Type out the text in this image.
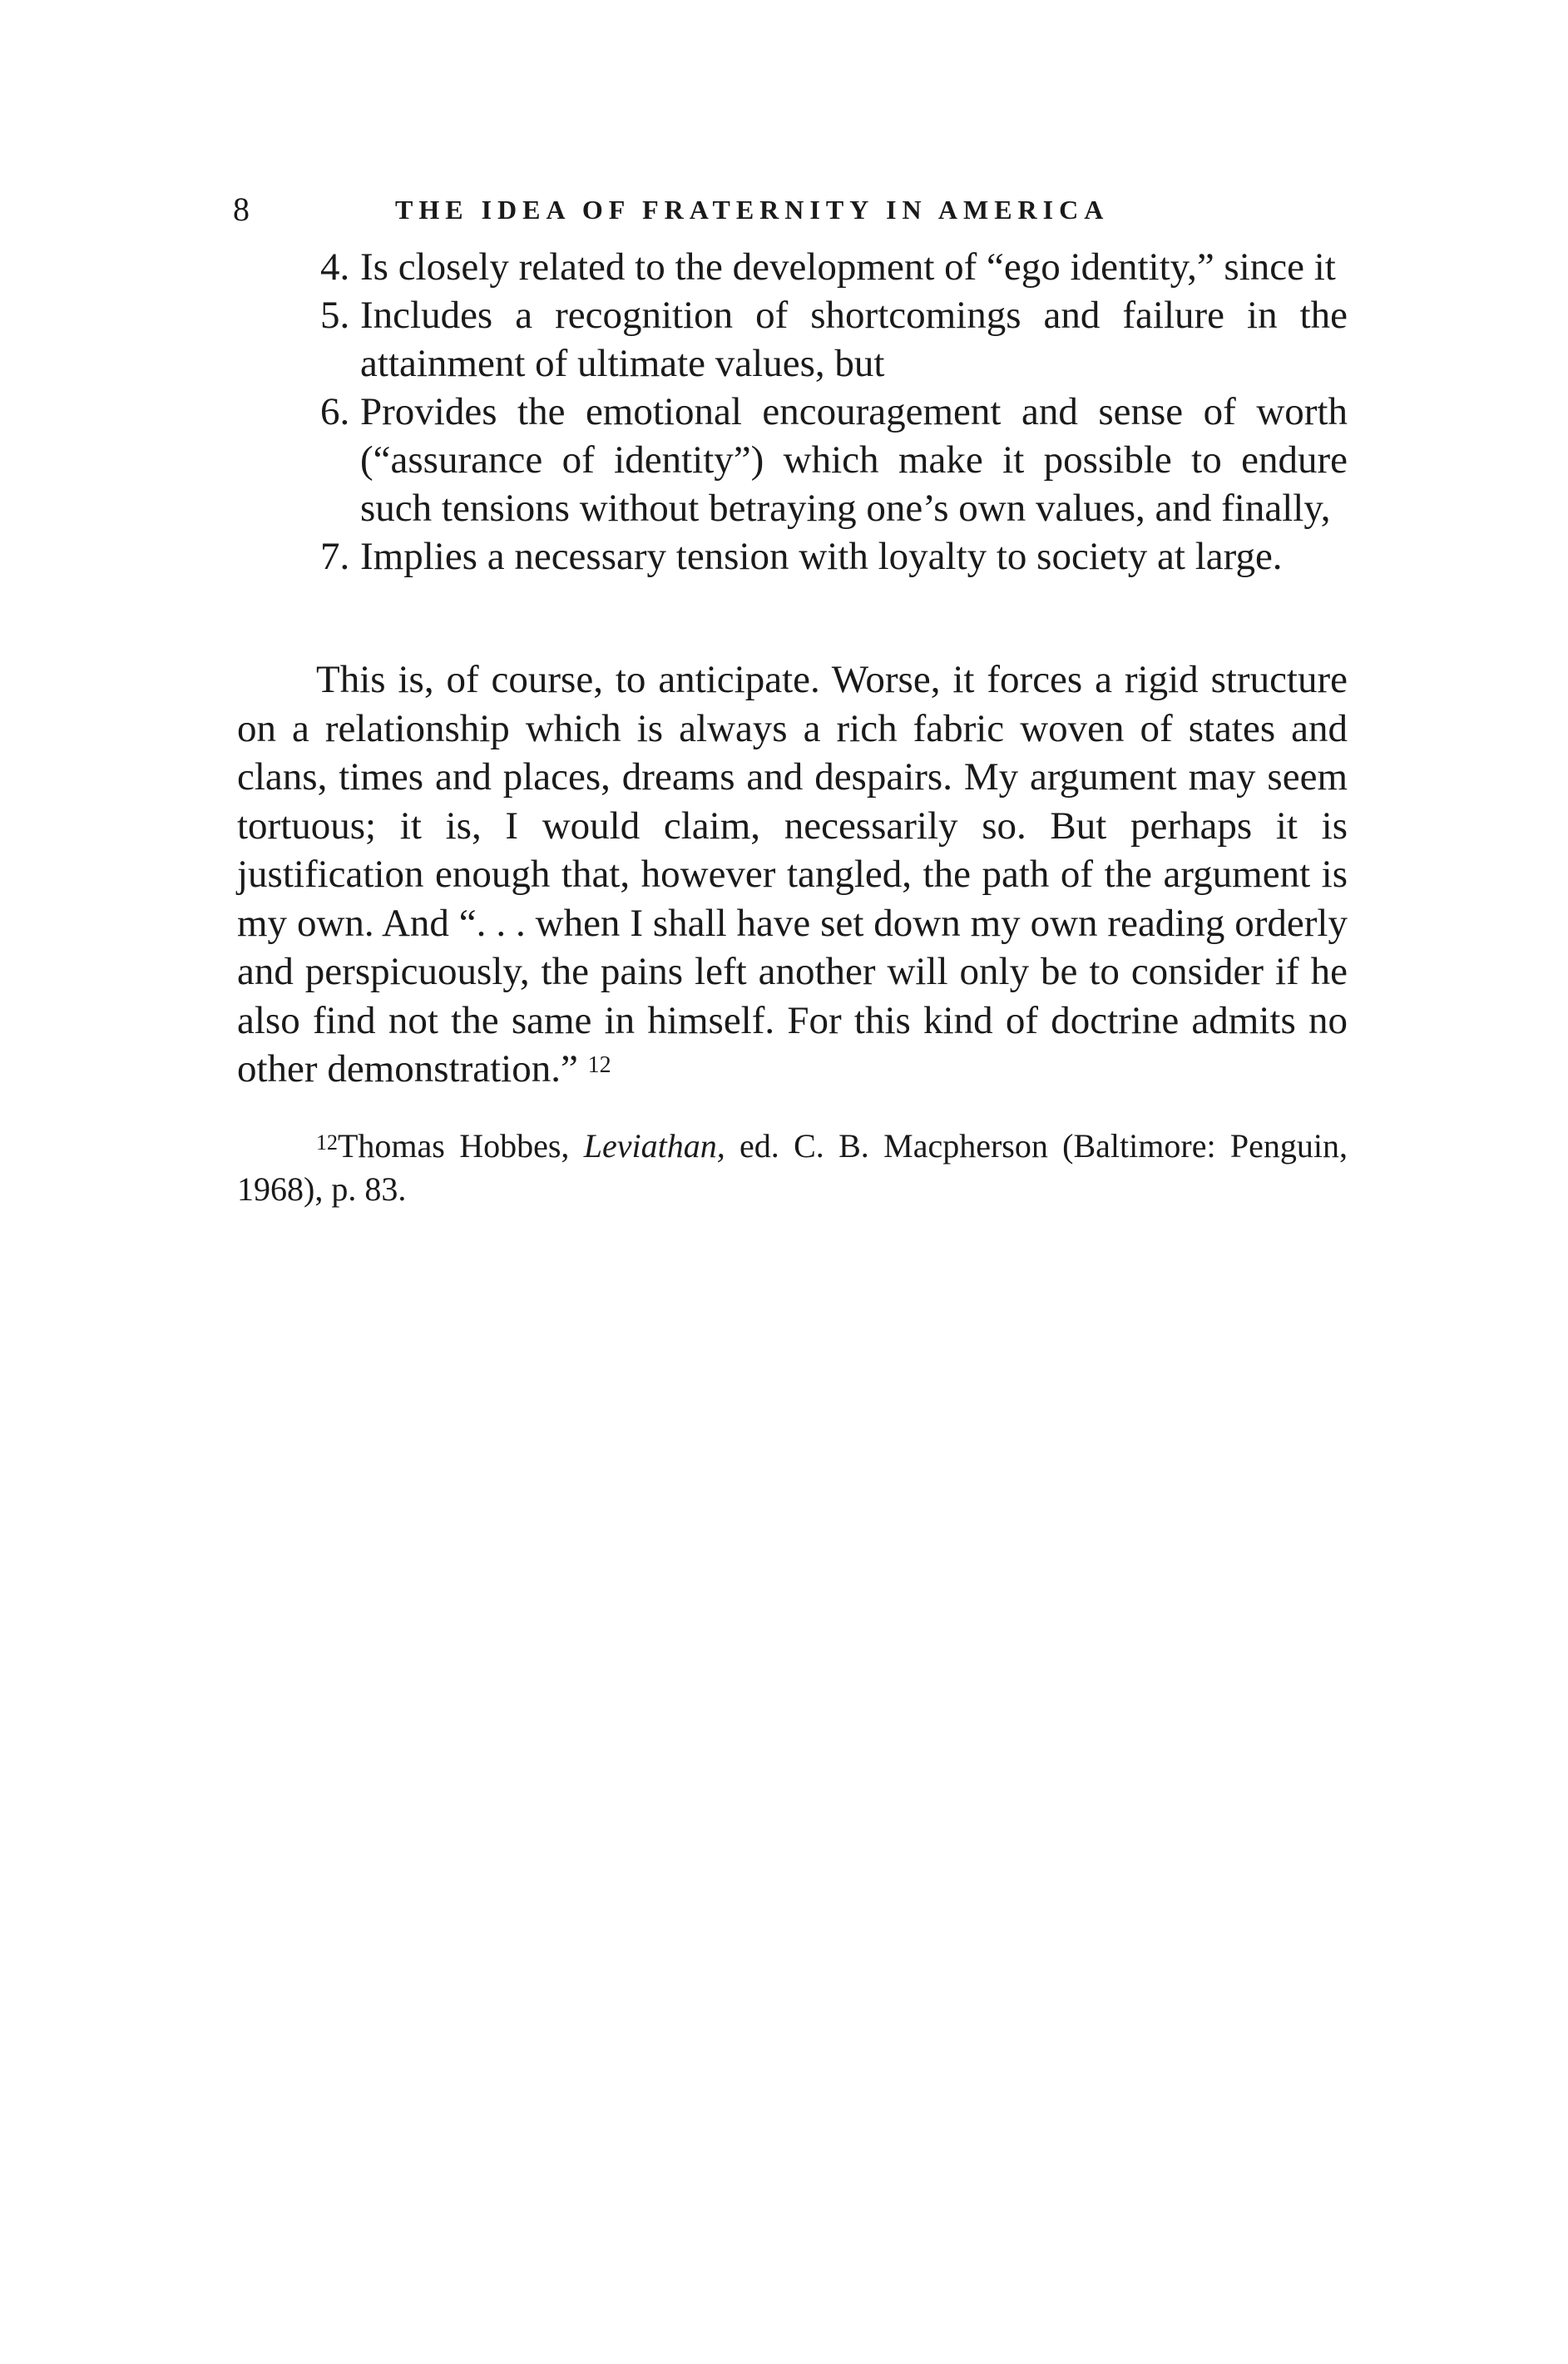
8	THE IDEA OF FRATERNITY IN AMERICA
4. Is closely related to the development of “ego identity,” since it
5. Includes a recognition of shortcomings and failure in the attainment of ultimate values, but
6. Provides the emotional encouragement and sense of worth (“assurance of identity”) which make it possible to endure such tensions without betraying one’s own values, and finally,
7. Implies a necessary tension with loyalty to society at large.

This is, of course, to anticipate. Worse, it forces a rigid structure on a relationship which is always a rich fabric woven of states and clans, times and places, dreams and despairs. My argument may seem tortuous; it is, I would claim, necessarily so. But perhaps it is justification enough that, however tangled, the path of the argument is my own. And “. . . when I shall have set down my own reading orderly and perspicuously, the pains left another will only be to consider if he also find not the same in himself. For this kind of doctrine admits no other demonstration.” $^{12}$

$^{12}$Thomas Hobbes, Leviathan, ed. C. B. Macpherson (Baltimore: Penguin, 1968), p. 83.
